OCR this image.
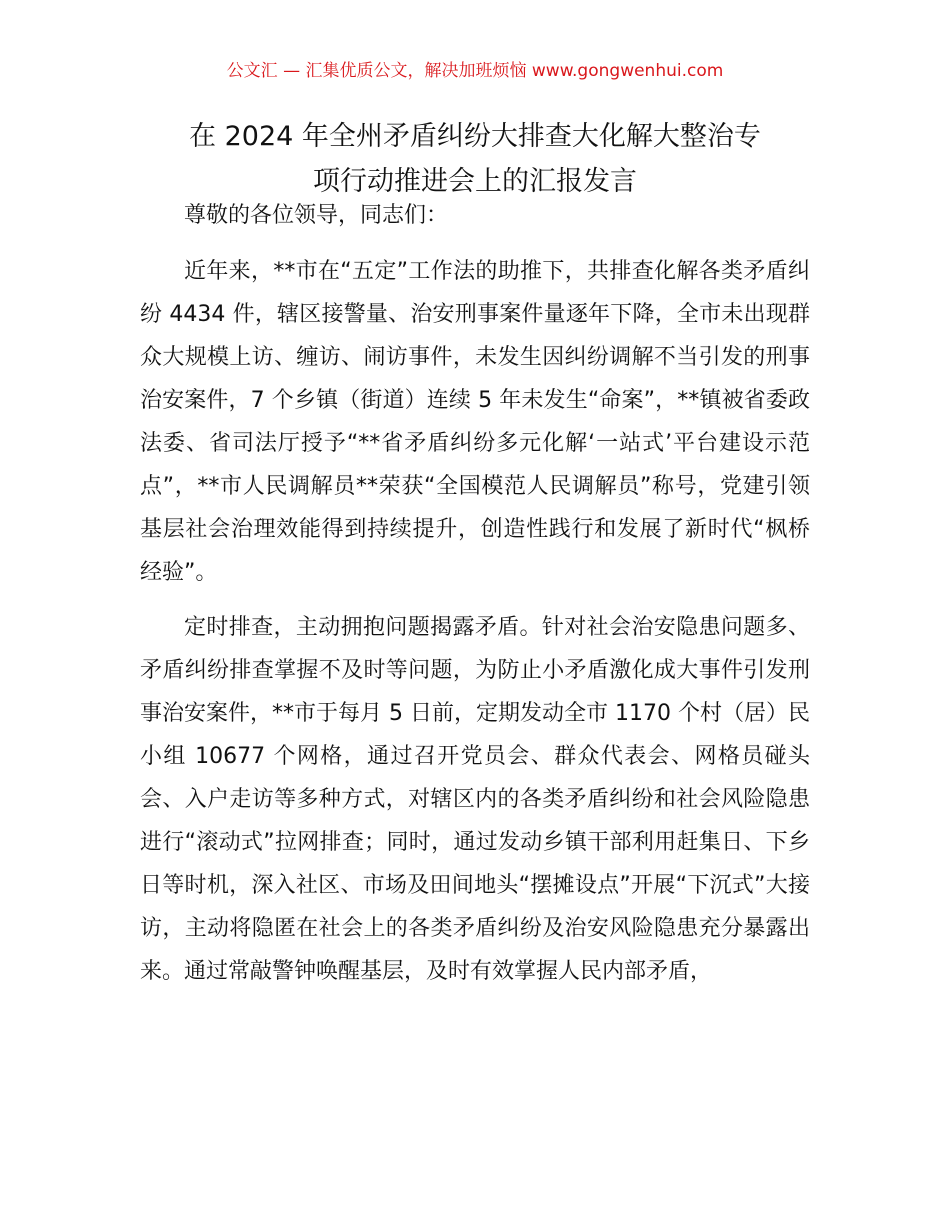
公文汇 — 汇集优质公文，解决加班烦恼 www.gongwenhui.com
在 2024 年全州矛盾纠纷大排查大化解大整治专
项行动推进会上的汇报发言

尊敬的各位领导，同志们：

近年来，**市在“五定”工作法的助推下，共排查化解各类矛盾纠纷 4434 件，辖区接警量、治安刑事案件量逐年下降，全市未出现群众大规模上访、缠访、闹访事件，未发生因纠纷调解不当引发的刑事治安案件，7 个乡镇（街道）连续 5 年未发生“命案”，**镇被省委政法委、省司法厅授予“**省矛盾纠纷多元化解‘一站式’平台建设示范点”，**市人民调解员**荣获“全国模范人民调解员”称号，党建引领基层社会治理效能得到持续提升，创造性践行和发展了新时代“枫桥经验”。

定时排查，主动拥抱问题揭露矛盾。针对社会治安隐患问题多、矛盾纠纷排查掌握不及时等问题，为防止小矛盾激化成大事件引发刑事治安案件，**市于每月 5 日前，定期发动全市 1170 个村（居）民小组 10677 个网格，通过召开党员会、群众代表会、网格员碰头会、入户走访等多种方式，对辖区内的各类矛盾纠纷和社会风险隐患进行“滚动式”拉网排查；同时，通过发动乡镇干部利用赶集日、下乡日等时机，深入社区、市场及田间地头“摆摊设点”开展“下沉式”大接访，主动将隐匿在社会上的各类矛盾纠纷及治安风险隐患充分暴露出来。通过常敲警钟唤醒基层，及时有效掌握人民内部矛盾，
